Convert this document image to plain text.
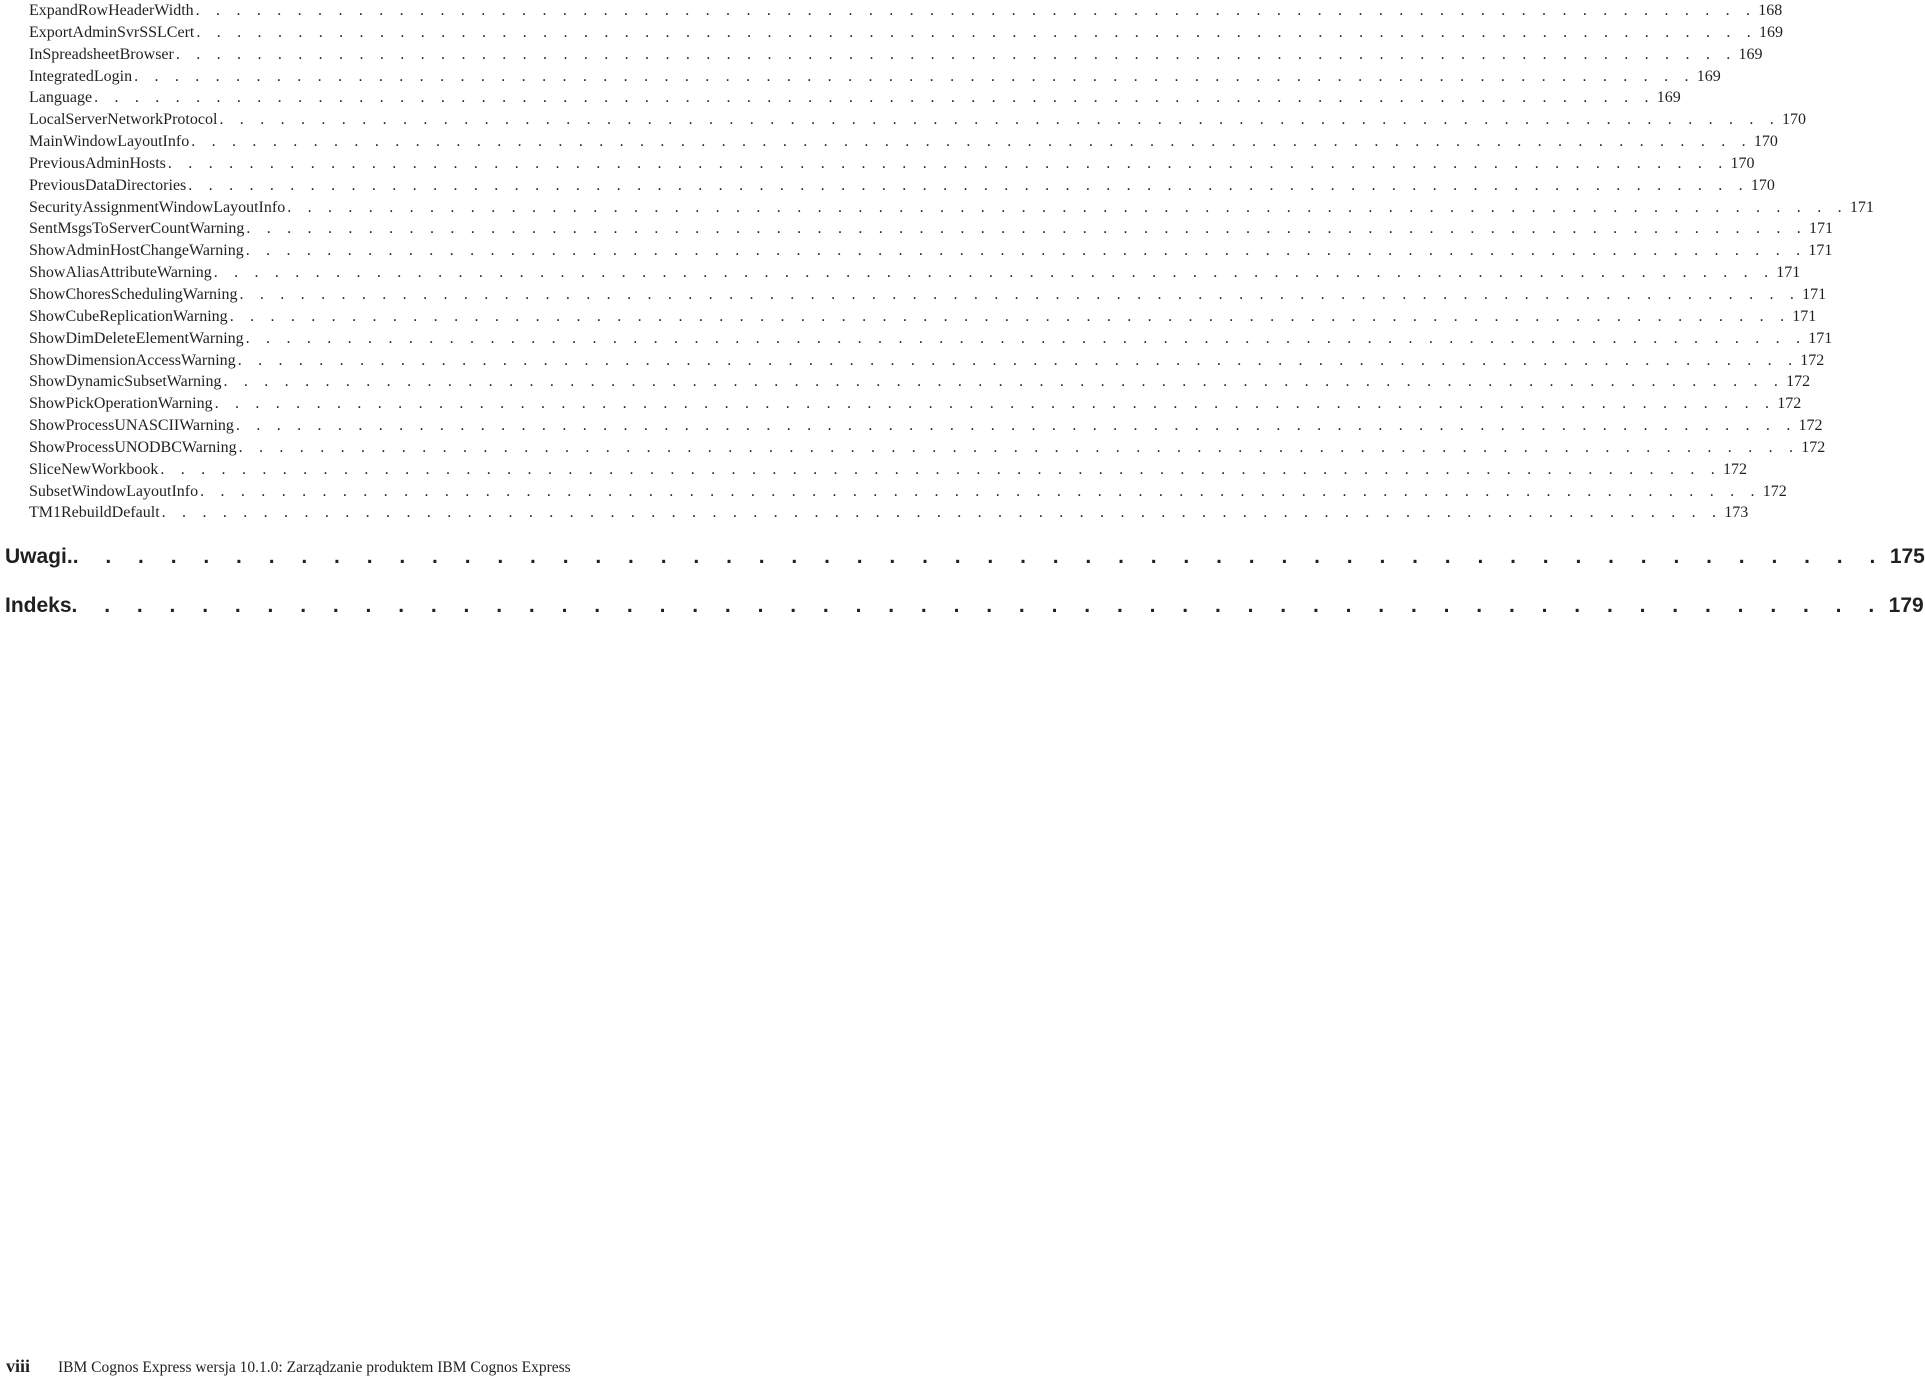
ExpandRowHeaderWidth . . . . . . . . . . . . . . . . . . . . . . . . . . . . . . . . . . . . . . . . . . . . . . . . . . . . . . . . . . . . . . . . . . . . . . . . . . . . . 168
ExportAdminSvrSSLCert . . . . . . . . . . . . . . . . . . . . . . . . . . . . . . . . . . . . . . . . . . . . . . . . . . . . . . . . . . . . . . . . . . . . . . . . . . . . . 169
InSpreadsheetBrowser . . . . . . . . . . . . . . . . . . . . . . . . . . . . . . . . . . . . . . . . . . . . . . . . . . . . . . . . . . . . . . . . . . . . . . . . . . . . . 169
IntegratedLogin . . . . . . . . . . . . . . . . . . . . . . . . . . . . . . . . . . . . . . . . . . . . . . . . . . . . . . . . . . . . . . . . . . . . . . . . . . . . . 169
Language . . . . . . . . . . . . . . . . . . . . . . . . . . . . . . . . . . . . . . . . . . . . . . . . . . . . . . . . . . . . . . . . . . . . . . . . . . . . . 169
LocalServerNetworkProtocol . . . . . . . . . . . . . . . . . . . . . . . . . . . . . . . . . . . . . . . . . . . . . . . . . . . . . . . . . . . . . . . . . . . . . . . . . . . . . 170
MainWindowLayoutInfo . . . . . . . . . . . . . . . . . . . . . . . . . . . . . . . . . . . . . . . . . . . . . . . . . . . . . . . . . . . . . . . . . . . . . . . . . . . . . 170
PreviousAdminHosts . . . . . . . . . . . . . . . . . . . . . . . . . . . . . . . . . . . . . . . . . . . . . . . . . . . . . . . . . . . . . . . . . . . . . . . . . . . . . 170
PreviousDataDirectories . . . . . . . . . . . . . . . . . . . . . . . . . . . . . . . . . . . . . . . . . . . . . . . . . . . . . . . . . . . . . . . . . . . . . . . . . . . . . 170
SecurityAssignmentWindowLayoutInfo . . . . . . . . . . . . . . . . . . . . . . . . . . . . . . . . . . . . . . . . . . . . . . . . . . . . . . . . . . . . . . . . . . . . . . . . . . . . . 171
SentMsgsToServerCountWarning . . . . . . . . . . . . . . . . . . . . . . . . . . . . . . . . . . . . . . . . . . . . . . . . . . . . . . . . . . . . . . . . . . . . . . . . . . . . . 171
ShowAdminHostChangeWarning . . . . . . . . . . . . . . . . . . . . . . . . . . . . . . . . . . . . . . . . . . . . . . . . . . . . . . . . . . . . . . . . . . . . . . . . . . . . . 171
ShowAliasAttributeWarning . . . . . . . . . . . . . . . . . . . . . . . . . . . . . . . . . . . . . . . . . . . . . . . . . . . . . . . . . . . . . . . . . . . . . . . . . . . . . 171
ShowChoresSchedulingWarning . . . . . . . . . . . . . . . . . . . . . . . . . . . . . . . . . . . . . . . . . . . . . . . . . . . . . . . . . . . . . . . . . . . . . . . . . . . . . 171
ShowCubeReplicationWarning . . . . . . . . . . . . . . . . . . . . . . . . . . . . . . . . . . . . . . . . . . . . . . . . . . . . . . . . . . . . . . . . . . . . . . . . . . . . . 171
ShowDimDeleteElementWarning . . . . . . . . . . . . . . . . . . . . . . . . . . . . . . . . . . . . . . . . . . . . . . . . . . . . . . . . . . . . . . . . . . . . . . . . . . . . . 171
ShowDimensionAccessWarning . . . . . . . . . . . . . . . . . . . . . . . . . . . . . . . . . . . . . . . . . . . . . . . . . . . . . . . . . . . . . . . . . . . . . . . . . . . . . 172
ShowDynamicSubsetWarning . . . . . . . . . . . . . . . . . . . . . . . . . . . . . . . . . . . . . . . . . . . . . . . . . . . . . . . . . . . . . . . . . . . . . . . . . . . . . 172
ShowPickOperationWarning . . . . . . . . . . . . . . . . . . . . . . . . . . . . . . . . . . . . . . . . . . . . . . . . . . . . . . . . . . . . . . . . . . . . . . . . . . . . . 172
ShowProcessUNASCIIWarning . . . . . . . . . . . . . . . . . . . . . . . . . . . . . . . . . . . . . . . . . . . . . . . . . . . . . . . . . . . . . . . . . . . . . . . . . . . . . 172
ShowProcessUNODBCWarning . . . . . . . . . . . . . . . . . . . . . . . . . . . . . . . . . . . . . . . . . . . . . . . . . . . . . . . . . . . . . . . . . . . . . . . . . . . . . 172
SliceNewWorkbook . . . . . . . . . . . . . . . . . . . . . . . . . . . . . . . . . . . . . . . . . . . . . . . . . . . . . . . . . . . . . . . . . . . . . . . . . . . . . 172
SubsetWindowLayoutInfo . . . . . . . . . . . . . . . . . . . . . . . . . . . . . . . . . . . . . . . . . . . . . . . . . . . . . . . . . . . . . . . . . . . . . . . . . . . . . 172
TM1RebuildDefault . . . . . . . . . . . . . . . . . . . . . . . . . . . . . . . . . . . . . . . . . . . . . . . . . . . . . . . . . . . . . . . . . . . . . . . . . . . . . 173
Uwagi. . . . . . . . . . . . . . . . . . . . . . . . . . . . . . . . . . . . . . . . . . . . . . . . . . . . . . . . . 175
Indeks . . . . . . . . . . . . . . . . . . . . . . . . . . . . . . . . . . . . . . . . . . . . . . . . . . . . . . . . 179
viii	IBM Cognos Express wersja 10.1.0: Zarządzanie produktem IBM Cognos Express
